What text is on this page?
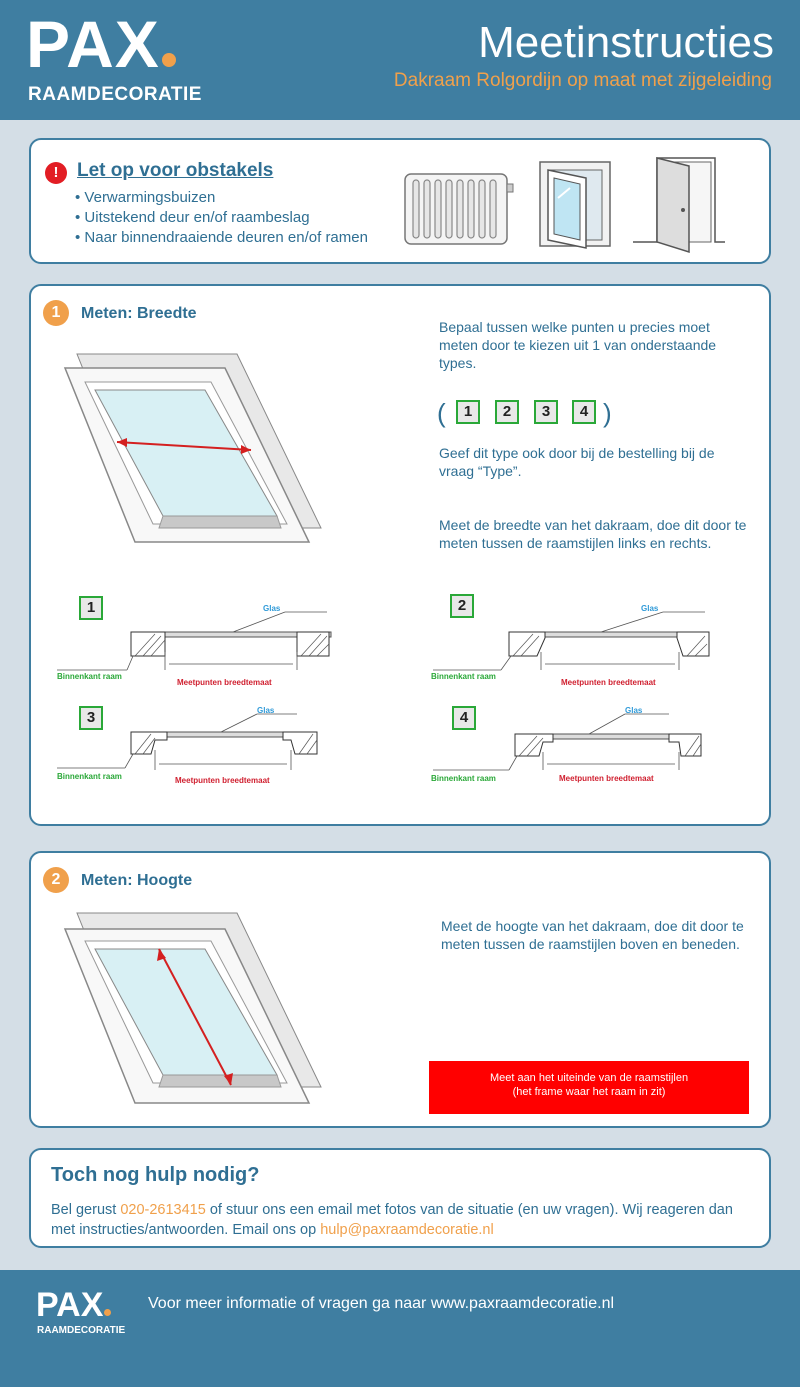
PAX
RAAMDECORATIE
Meetinstructies
Dakraam Rolgordijn op maat met zijgeleiding
! Let op voor obstakels
• Verwarmingsbuizen
• Uitstekend deur en/of raambeslag
• Naar binnendraaiende deuren en/of ramen
1	Meten: Breedte
Bepaal tussen welke punten u precies moet meten door te kiezen uit 1 van onderstaande types.
(	1	2	3	4 )
Geef dit type ook door bij de bestelling bij de vraag “Type”.
Meet de breedte van het dakraam, doe dit door te meten tussen de raamstijlen links en rechts.
1	Glas
Binnenkant raam
Meetpunten breedtemaat
2	Glas
Binnenkant raam
Meetpunten breedtemaat
3	Glas
Binnenkant raam	Meetpunten breedtemaat
4	Glas
Binnenkant raam	Meetpunten breedtemaat
2	Meten: Hoogte
Meet de hoogte van het dakraam, doe dit door te meten tussen de raamstijlen boven en beneden.
Meet aan het uiteinde van de raamstijlen
(het frame waar het raam in zit)
Toch nog hulp nodig?
Bel gerust 020-2613415 of stuur ons een email met fotos van de situatie (en uw vragen). Wij reageren dan met instructies/antwoorden. Email ons op hulp@paxraamdecoratie.nl
PAX
RAAMDECORATIE
Voor meer informatie of vragen ga naar www.paxraamdecoratie.nl
